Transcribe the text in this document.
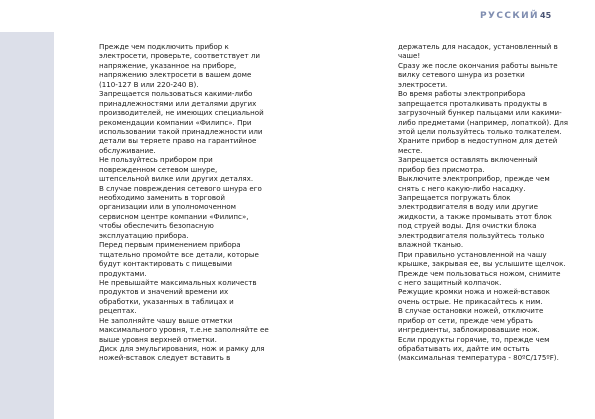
РУССКИЙ 45
Прежде чем подключить прибор к
электросети, проверьте, соответствует ли
напряжение, указанное на приборе,
напряжению электросети в вашем доме
(110-127 В или 220-240 В).
Запрещается пользоваться какими-либо
принадлежностями или деталями других
производителей, не имеющих специальной
рекомендации компании «Филипс». При
использовании такой принадлежности или
детали вы теряете право на гарантийное
обслуживание.
Не пользуйтесь прибором при
поврежденном сетевом шнуре,
штепсельной вилке или других деталях.
В случае повреждения сетевого шнура его
необходимо заменить в торговой
организации или в уполномоченном
сервисном центре компании «Филипс»,
чтобы обеспечить безопасную
эксплуатацию прибора.
Перед первым применением прибора
тщательно промойте все детали, которые
будут контактировать с пищевыми
продуктами.
Не превышайте максимальных количеств
продуктов и значений времени их
обработки, указанных в таблицах и
рецептах.
Не заполняйте чашу выше отметки
максимального уровня, т.е.не заполняйте ее
выше уровня верхней отметки.
Диск для эмульгирования, нож и рамку для
ножей-вставок следует вставить в
держатель для насадок, установленный в
чаше!
Сразу же после окончания работы выньте
вилку сетевого шнура из розетки
электросети.
Во время работы электроприбора
запрещается проталкивать продукты в
загрузочный бункер пальцами или какими-
либо предметами (например, лопаткой). Для
этой цели пользуйтесь только толкателем.
Храните прибор в недоступном для детей
месте.
Запрещается оставлять включенный
прибор без присмотра.
Выключите электроприбор, прежде чем
снять с него какую-либо насадку.
Запрещается погружать блок
электродвигателя в воду или другие
жидкости, а также промывать этот блок
под струей воды. Для очистки блока
электродвигателя пользуйтесь только
влажной тканью.
При правильно установленной на чашу
крышке, закрывая ее, вы услышите щелчок.
Прежде чем пользоваться ножом, снимите
с него защитный колпачок.
Режущие кромки ножа и ножей-вставок
очень острые. Не прикасайтесь к ним.
В случае остановки ножей, отключите
прибор от сети, прежде чем убрать
ингредиенты, заблокировавшие нож.
Если продукты горячие, то, прежде чем
обрабатывать их, дайте им остыть
(максимальная температура - 80ºC/175ºF).
